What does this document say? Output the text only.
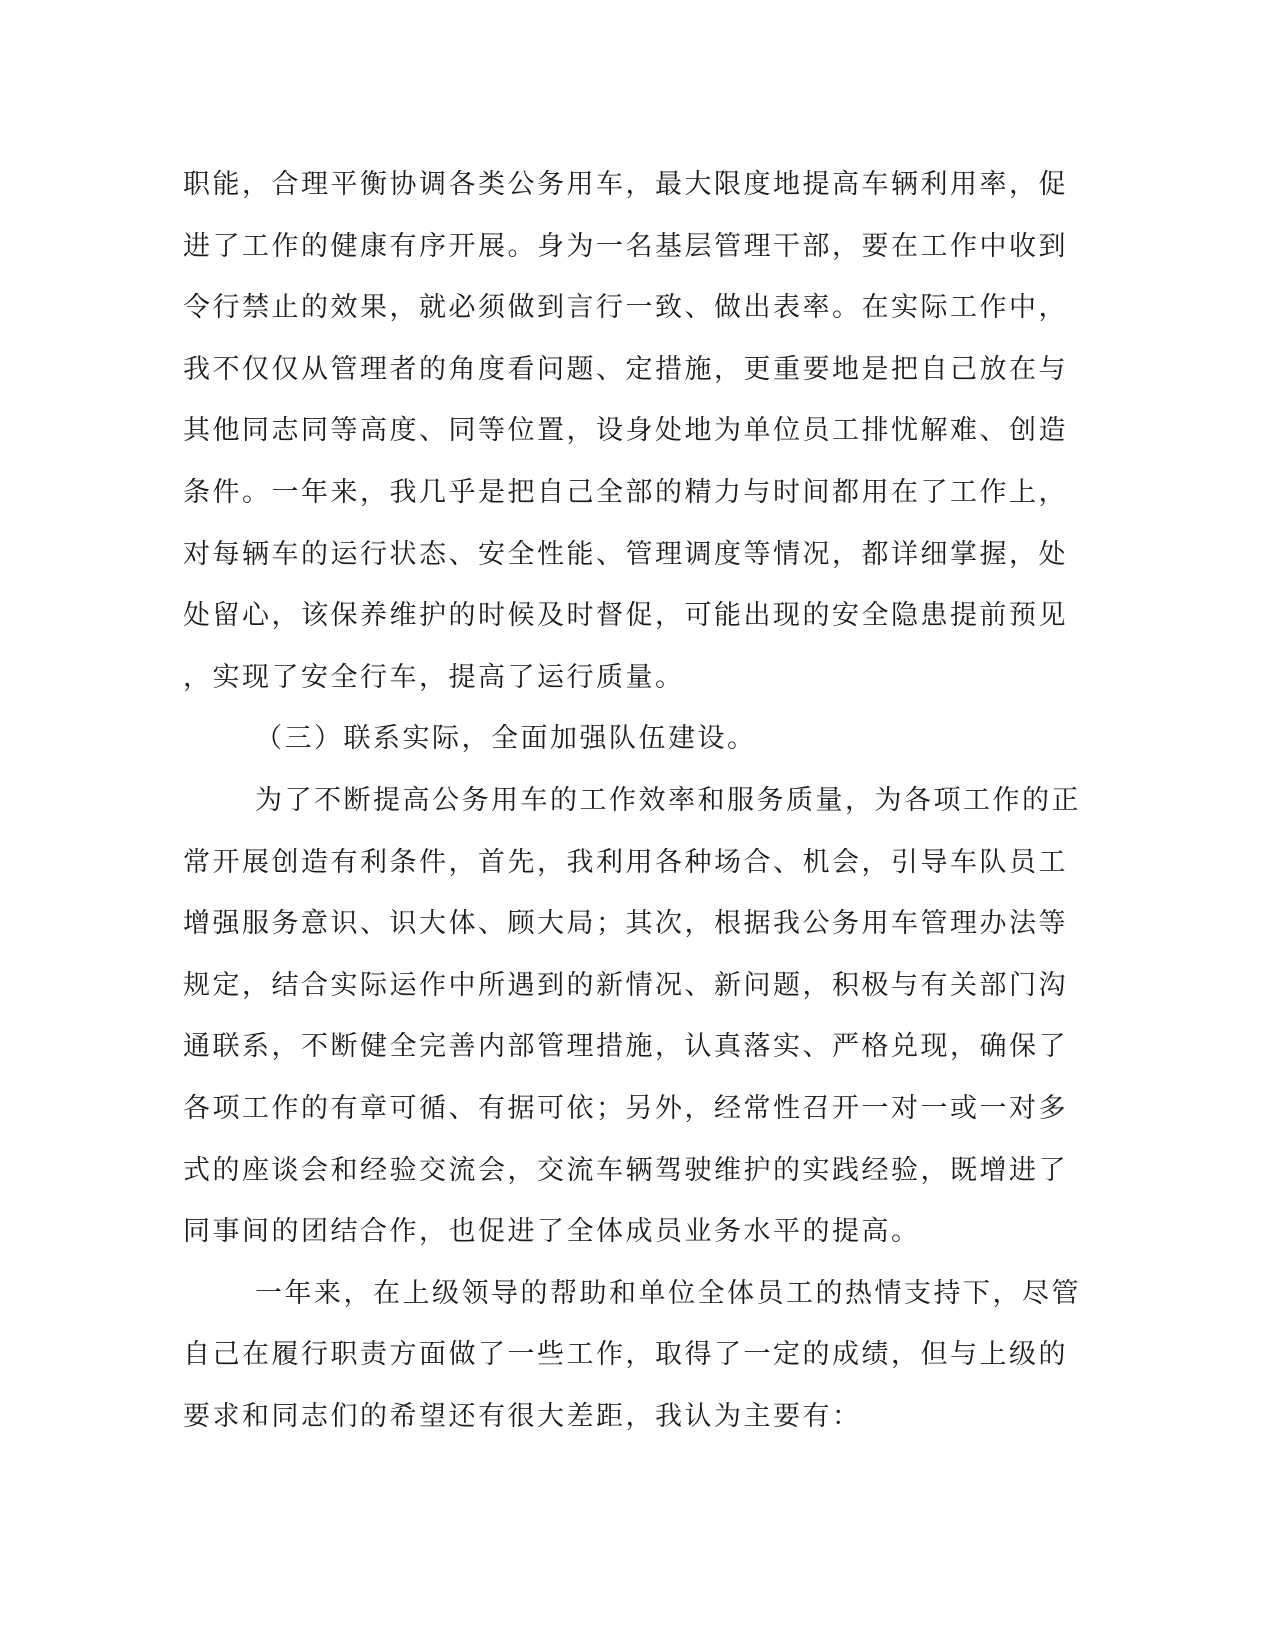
职能，合理平衡协调各类公务用车，最大限度地提高车辆利用率，促
进了工作的健康有序开展。身为一名基层管理干部，要在工作中收到
令行禁止的效果，就必须做到言行一致、做出表率。在实际工作中，
我不仅仅从管理者的角度看问题、定措施，更重要地是把自己放在与
其他同志同等高度、同等位置，设身处地为单位员工排忧解难、创造
条件。一年来，我几乎是把自己全部的精力与时间都用在了工作上，
对每辆车的运行状态、安全性能、管理调度等情况，都详细掌握，处
处留心，该保养维护的时候及时督促，可能出现的安全隐患提前预见
，实现了安全行车，提高了运行质量。
（三）联系实际，全面加强队伍建设。
为了不断提高公务用车的工作效率和服务质量，为各项工作的正
常开展创造有利条件，首先，我利用各种场合、机会，引导车队员工
增强服务意识、识大体、顾大局；其次，根据我公务用车管理办法等
规定，结合实际运作中所遇到的新情况、新问题，积极与有关部门沟
通联系，不断健全完善内部管理措施，认真落实、严格兑现，确保了
各项工作的有章可循、有据可依；另外，经常性召开一对一或一对多
式的座谈会和经验交流会，交流车辆驾驶维护的实践经验，既增进了
同事间的团结合作，也促进了全体成员业务水平的提高。
一年来，在上级领导的帮助和单位全体员工的热情支持下，尽管
自己在履行职责方面做了一些工作，取得了一定的成绩，但与上级的
要求和同志们的希望还有很大差距，我认为主要有：
